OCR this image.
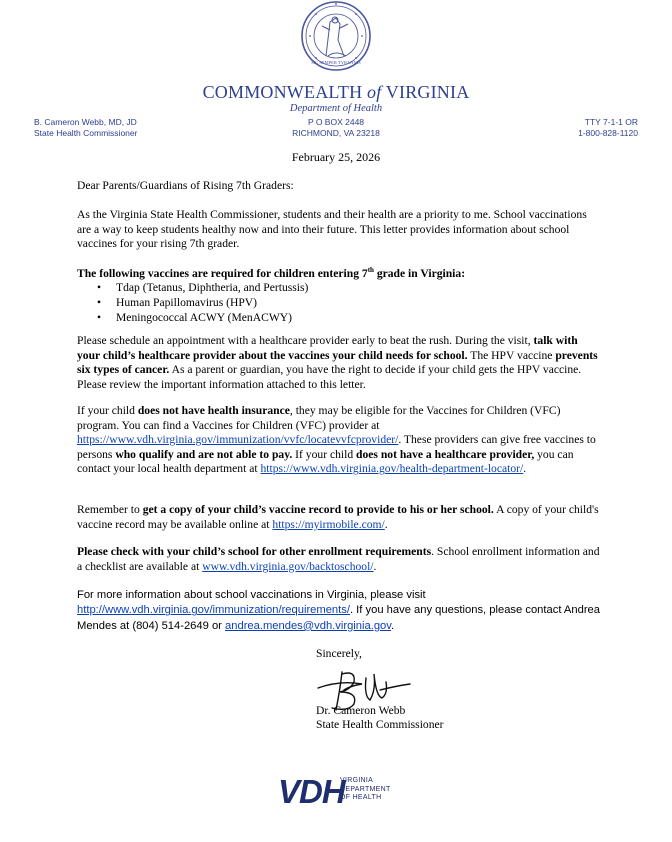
SIC SEMPER TYRANNIS
COMMONWEALTH of VIRGINIA
Department of Health
B. Cameron Webb, MD, JD
State Health Commissioner
P O BOX 2448
RICHMOND, VA 23218
TTY 7-1-1 OR
1-800-828-1120
February 25, 2026
Dear Parents/Guardians of Rising 7th Graders:
As the Virginia State Health Commissioner, students and their health are a priority to me. School vaccinations are a way to keep students healthy now and into their future. This letter provides information about school vaccines for your rising 7th grader.

The following vaccines are required for children entering 7th grade in Virginia:

• Tdap (Tetanus, Diphtheria, and Pertussis)
• Human Papillomavirus (HPV)
• Meningococcal ACWY (MenACWY)
Please schedule an appointment with a healthcare provider early to beat the rush. During the visit, talk with your child’s healthcare provider about the vaccines your child needs for school. The HPV vaccine prevents six types of cancer. As a parent or guardian, you have the right to decide if your child gets the HPV vaccine. Please review the important information attached to this letter.
If your child does not have health insurance, they may be eligible for the Vaccines for Children (VFC) program. You can find a Vaccines for Children (VFC) provider at https://www.vdh.virginia.gov/immunization/vvfc/locatevvfcprovider/. These providers can give free vaccines to persons who qualify and are not able to pay. If your child does not have a healthcare provider, you can contact your local health department at https://www.vdh.virginia.gov/health-department-locator/.
Remember to get a copy of your child’s vaccine record to provide to his or her school. A copy of your child's vaccine record may be available online at https://myirmobile.com/.
Please check with your child’s school for other enrollment requirements. School enrollment information and a checklist are available at www.vdh.virginia.gov/backtoschool/.
For more information about school vaccinations in Virginia, please visit
http://www.vdh.virginia.gov/immunization/requirements/. If you have any questions, please contact Andrea Mendes at (804) 514-2649 or andrea.mendes@vdh.virginia.gov.
Sincerely,
Dr. Cameron Webb
State Health Commissioner
VDH
VIRGINIA
DEPARTMENT
OF HEALTH
